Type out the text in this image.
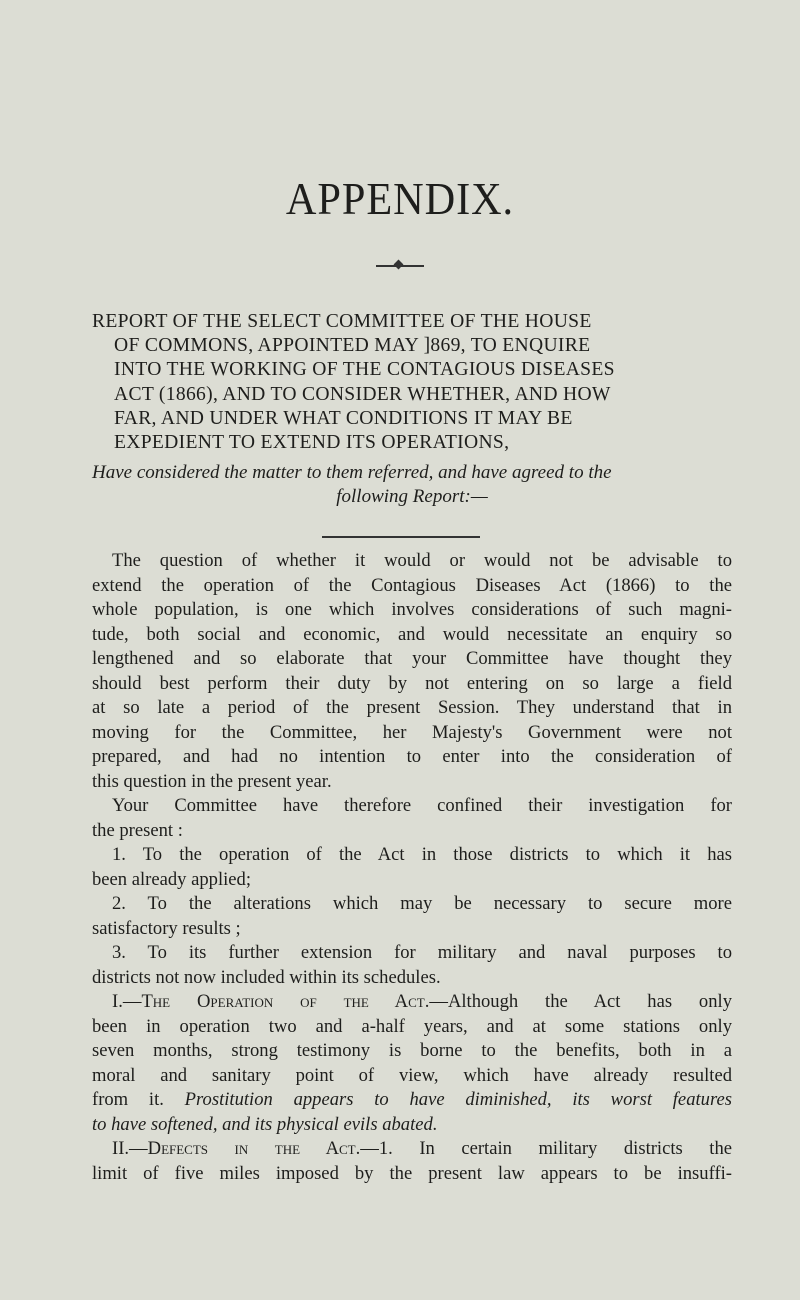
APPENDIX.
REPORT OF THE SELECT COMMITTEE OF THE HOUSE
OF COMMONS, APPOINTED MAY ]869, TO ENQUIRE
INTO THE WORKING OF THE CONTAGIOUS DISEASES
ACT (1866), AND TO CONSIDER WHETHER, AND HOW
FAR, AND UNDER WHAT CONDITIONS IT MAY BE
EXPEDIENT TO EXTEND ITS OPERATIONS,
Have considered the matter to them referred, and have agreed to the
following Report:—
The question of whether it would or would not be advisable to
extend the operation of the Contagious Diseases Act (1866) to the
whole population, is one which involves considerations of such magni-
tude, both social and economic, and would necessitate an enquiry so
lengthened and so elaborate that your Committee have thought they
should best perform their duty by not entering on so large a field
at so late a period of the present Session. They understand that in
moving for the Committee, her Majesty's Government were not
prepared, and had no intention to enter into the consideration of
this question in the present year.
Your Committee have therefore confined their investigation for
the present :
1. To the operation of the Act in those districts to which it has
been already applied;
2. To the alterations which may be necessary to secure more
satisfactory results ;
3. To its further extension for military and naval purposes to
districts not now included within its schedules.
I.—The Operation of the Act.—Although the Act has only
been in operation two and a-half years, and at some stations only
seven months, strong testimony is borne to the benefits, both in a
moral and sanitary point of view, which have already resulted
from it. Prostitution appears to have diminished, its worst features
to have softened, and its physical evils abated.
II.—Defects in the Act.—1. In certain military districts the
limit of five miles imposed by the present law appears to be insuffi-
